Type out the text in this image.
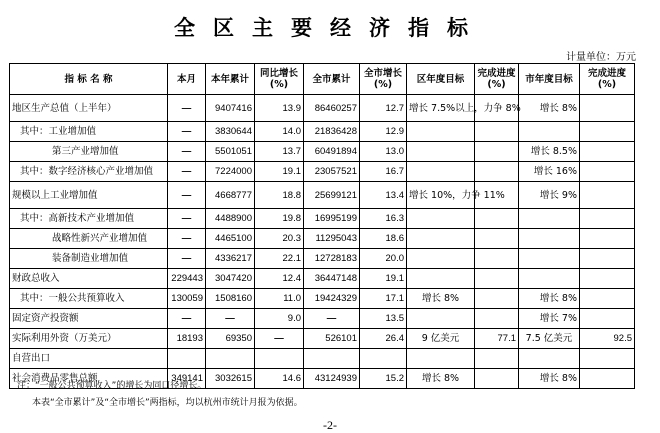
全区主要经济指标
计量单位：万元
指 标 名 称	本月	本年累计	同比增长(%)	全市累计	全市增长(%)	区年度目标	完成进度(%)	市年度目标	完成进度(%)
地区生产总值（上半年）	—	9407416	13.9	86460257	12.7	增长 7.5%以上，力争 8%		增长 8%	
其中：工业增加值	—	3830644	14.0	21836428	12.9				
第三产业增加值	—	5501051	13.7	60491894	13.0			增长 8.5%	
其中：数字经济核心产业增加值	—	7224000	19.1	23057521	16.7			增长 16%	
规模以上工业增加值	—	4668777	18.8	25699121	13.4	增长 10%，力争 11%		增长 9%	
其中：高新技术产业增加值	—	4488900	19.8	16995199	16.3				
战略性新兴产业增加值	—	4465100	20.3	11295043	18.6				
装备制造业增加值	—	4336217	22.1	12728183	20.0				
财政总收入	229443	3047420	12.4	36447148	19.1				
其中：一般公共预算收入	130059	1508160	11.0	19424329	17.1	增长 8%		增长 8%	
固定资产投资额	—	—	9.0	—	13.5			增长 7%	
实际利用外资（万美元）	18193	69350	—	526101	26.4	9 亿美元	77.1	7.5 亿美元	92.5
自营出口									
社会消费品零售总额	349141	3032615	14.6	43124939	15.2	增长 8%		增长 8%	
注：“一般公共预算收入”的增长为同口径增长。
本表“全市累计”及“全市增长”两指标，均以杭州市统计月报为依据。
-2-
